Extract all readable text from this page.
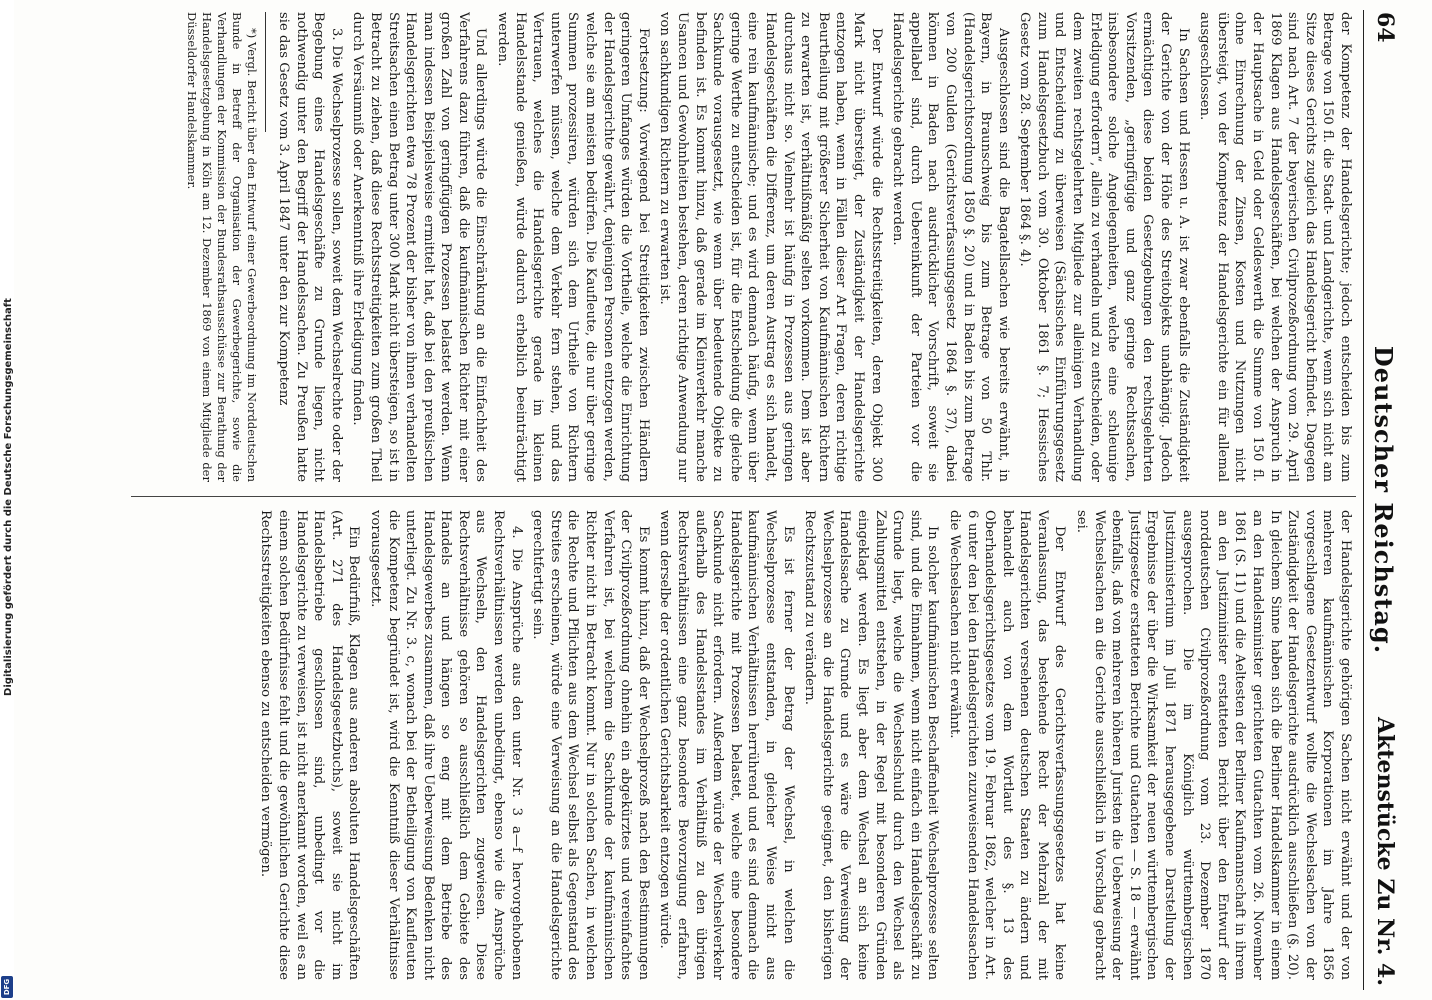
64
Deutscher Reichstag.
Aktenstücke Zu Nr. 4.

der Kompetenz der Handelsgerichte; jedoch entscheiden bis zum Betrage von 150 fl. die Stadt- und Landgerichte, wenn sich nicht am Sitze dieses Gerichts zugleich das Handelsgericht befindet. Dagegen sind nach Art. 7 der bayerischen Civilprozeßordnung vom 29. April 1869 Klagen aus Handelsgeschäften, bei welchen der Anspruch in der Hauptsache in Geld oder Geldeswerth die Summe von 150 fl. ohne Einrechnung der Zinsen, Kosten und Nutzungen nicht übersteigt, von der Kompetenz der Handelsgerichte ein für allemal ausgeschlossen.

In Sachsen und Hessen u. A. ist zwar ebenfalls die Zuständigkeit der Gerichte von der Höhe des Streitobjekts unabhängig. Jedoch ermächtigen diese beiden Gesetzgebungen den rechtsgelehrten Vorsitzenden, „geringfügige und ganz geringe Rechtssachen, insbesondere solche Angelegenheiten, welche eine schleunige Erledigung erfordern“, allein zu verhandeln und zu entscheiden, oder dem zweiten rechtsgelehrten Mitgliede zur alleinigen Verhandlung und Entscheidung zu überweisen (Sächsisches Einführungsgesetz zum Handelsgesetzbuch vom 30. Oktober 1861 §. 7; Hessisches Gesetz vom 28. September 1864 §. 4).

Ausgeschlossen sind die Bagatellsachen wie bereits erwähnt, in Bayern, in Braunschweig bis zum Betrage von 50 Thlr. (Handelsgerichtsordnung 1850 §. 20) und in Baden bis zum Betrage von 200 Gulden (Gerichtsverfassungsgesetz 1864 §. 37), dabei können in Baden nach ausdrücklicher Vorschrift, soweit sie appellabel sind, durch Uebereinkunft der Parteien vor die Handelsgerichte gebracht werden.

Der Entwurf würde die Rechtsstreitigkeiten, deren Objekt 300 Mark nicht übersteigt, der Zuständigkeit der Handelsgerichte entzogen haben, wenn in Fällen dieser Art Fragen, deren richtige Beurtheilung mit größerer Sicherheit von Kaufmännischen Richtern zu erwarten ist, verhältnißmäßig selten vorkommen. Dem ist aber durchaus nicht so. Vielmehr ist häufig in Prozessen aus geringen Handelsgeschäften die Differenz, um deren Austrag es sich handelt, eine rein kaufmännische; und es wird demnach häufig, wenn über geringe Werthe zu entscheiden ist, für die Entscheidung die gleiche Sachkunde vorausgesetzt, wie wenn über bedeutende Objekte zu befinden ist. Es kommt hinzu, daß gerade im Kleinverkehr manche Usancen und Gewohnheiten bestehen, deren richtige Anwendung nur von sachkundigen Richtern zu erwarten ist.

Fortsetzung: Vorwiegend bei Streitigkeiten zwischen Händlern geringeren Umfanges würden die Vortheile, welche die Einrichtung der Handelsgerichte gewährt, denjenigen Personen entzogen werden, welche sie am meisten bedürfen. Die Kaufleute, die nur über geringe Summen prozessiren, würden sich dem Urtheile von Richtern unterwerfen müssen, welche dem Verkehr fern stehen, und das Vertrauen, welches die Handelsgerichte gerade im kleinen Handelsstande genießen, würde dadurch erheblich beeinträchtigt werden.

Und allerdings würde die Einschränkung an die Einfachheit des Verfahrens dazu führen, daß die kaufmännischen Richter mit einer großen Zahl von geringfügigen Prozessen belastet werden. Wenn man indessen Beispielsweise ermittelt hat, daß bei den preußischen Handelsgerichten etwa 78 Prozent der bisher von ihnen verhandelten Streitsachen einen Betrag unter 300 Mark nicht übersteigen, so ist in Betracht zu ziehen, daß diese Rechtsstreitigkeiten zum großen Theil durch Versäumniß oder Anerkenntniß ihre Erledigung finden.

3. Die Wechselprozesse sollen, soweit dem Wechselrechte oder der Begebung eines Handelsgeschäfte zu Grunde liegen, nicht nothwendig unter den Begriff der Handelssachen. Zu Preußen hatte sie das Gesetz vom 3. April 1847 unter den zur Kompetenz

*) Vergl. Bericht über den Entwurf einer Gewerbeordnung im Norddeutschen Bunde in Betreff der Organisation der Gewerbegerichte, sowie die Verhandlungen der Kommission der Bundesrathsausschüsse zur Berathung der Handelsgesetzgebung in Köln am 12. Dezember 1869 von einem Mitgliede der Düsseldorfer Handelskammer.

der Handelsgerichte gehörigen Sachen nicht erwähnt und der von mehreren kaufmännischen Korporationen im Jahre 1856 vorgeschlagene Gesetzentwurf wollte die Wechselsachen von der Zuständigkeit der Handelsgerichte ausdrücklich ausschließen (§. 20). In gleichem Sinne haben sich die Berliner Handelskammer in einem an den Handelsminister gerichteten Gutachten vom 26. November 1861 (S. 11) und die Aeltesten der Berliner Kaufmannschaft in ihrem an den Justizminister erstatteten Bericht über den Entwurf der norddeutschen Civilprozeßordnung vom 23. Dezember 1870 ausgesprochen. Die im Königlich württembergischen Justizministerium im Juli 1871 herausgegebene Darstellung der Ergebnisse der über die Wirksamkeit der neuen württembergischen Justizgesetze erstatteten Berichte und Gutachten — S. 18 — erwähnt ebenfalls, daß von mehreren höheren Juristen die Ueberweisung der Wechselsachen an die Gerichte ausschließlich in Vorschlag gebracht sei.

Der Entwurf des Gerichtsverfassungsgesetzes hat keine Veranlassung, das bestehende Recht der Mehrzahl der mit Handelsgerichten versehenen deutschen Staaten zu ändern und behandelt auch von dem Wortlaut des §. 13 des Oberhandelsgerichtsgesetzes vom 19. Februar 1862, welcher in Art. 6 unter den bei den Handelsgerichten zuzuweisenden Handelssachen die Wechselsachen nicht erwähnt.

In solcher kaufmännischen Beschaffenheit Wechselprozesse selten sind, und die Einnahmen, wenn nicht einfach ein Handelsgeschäft zu Grunde liegt, welche die Wechselschuld durch den Wechsel als Zahlungsmittel entstehen, in der Regel mit besonderen Gründen eingeklagt werden. Es liegt aber dem Wechsel an sich keine Handelssache zu Grunde und es wäre die Verweisung der Wechselprozesse an die Handelsgerichte geeignet, den bisherigen Rechtszustand zu verändern.

Es ist ferner der Betrag der Wechsel, in welchen die Wechselprozesse entstanden, in gleicher Weise nicht aus kaufmännischen Verhältnissen herrührend und es sind demnach die Handelsgerichte mit Prozessen belastet, welche eine besondere Sachkunde nicht erfordern. Außerdem würde der Wechselverkehr außerhalb des Handelsstandes im Verhältniß zu den übrigen Rechtsverhältnissen eine ganz besondere Bevorzugung erfahren, wenn derselbe der ordentlichen Gerichtsbarkeit entzogen würde.

Es kommt hinzu, daß der Wechselprozeß nach den Bestimmungen der Civilprozeßordnung ohnehin ein abgekürztes und vereinfachtes Verfahren ist, bei welchem die Sachkunde der kaufmännischen Richter nicht in Betracht kommt. Nur in solchen Sachen, in welchen die Rechte und Pflichten aus dem Wechsel selbst als Gegenstand des Streites erscheinen, würde eine Verweisung an die Handelsgerichte gerechtfertigt sein.

4. Die Ansprüche aus den unter Nr. 3 a—f hervorgehobenen Rechtsverhältnissen werden unbedingt, ebenso wie die Ansprüche aus Wechseln, den Handelsgerichten zugewiesen. Diese Rechtsverhältnisse gehören so ausschließlich dem Gebiete des Handels an und hängen so eng mit dem Betriebe des Handelsgewerbes zusammen, daß ihre Ueberweisung Bedenken nicht unterliegt. Zu Nr. 3. c, wonach bei der Betheiligung von Kaufleuten die Kompetenz begründet ist, wird die Kenntniß dieser Verhältnisse vorausgesetzt.

Ein Bedürfniß, Klagen aus anderen absoluten Handelsgeschäften (Art. 271 des Handelsgesetzbuchs), soweit sie nicht im Handelsbetriebe geschlossen sind, unbedingt vor die Handelsgerichte zu verweisen, ist nicht anerkannt worden, weil es an einem solchen Bedürfnisse fehlt und die gewöhnlichen Gerichte diese Rechtsstreitigkeiten ebenso zu entscheiden vermögen.

Digitalisierung gefördert durch die Deutsche Forschungsgemeinschaft
DFG
